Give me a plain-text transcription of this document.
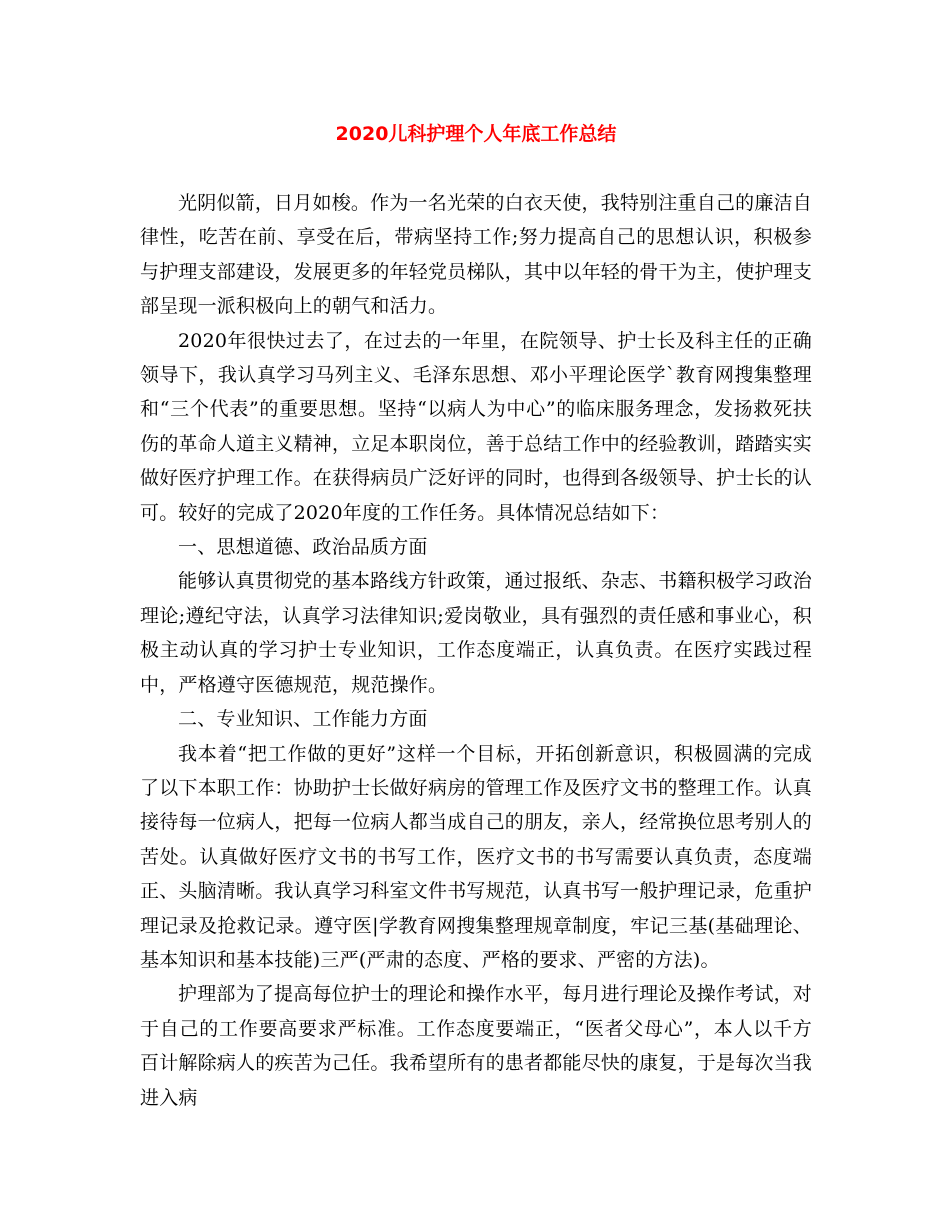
2020儿科护理个人年底工作总结

光阴似箭，日月如梭。作为一名光荣的白衣天使，我特别注重自己的廉洁自律性，吃苦在前、享受在后，带病坚持工作;努力提高自己的思想认识，积极参与护理支部建设，发展更多的年轻党员梯队，其中以年轻的骨干为主，使护理支部呈现一派积极向上的朝气和活力。

2020年很快过去了，在过去的一年里，在院领导、护士长及科主任的正确领导下，我认真学习马列主义、毛泽东思想、邓小平理论医学`教育网搜集整理和“三个代表”的重要思想。坚持“以病人为中心”的临床服务理念，发扬救死扶伤的革命人道主义精神，立足本职岗位，善于总结工作中的经验教训，踏踏实实做好医疗护理工作。在获得病员广泛好评的同时，也得到各级领导、护士长的认可。较好的完成了2020年度的工作任务。具体情况总结如下：

一、思想道德、政治品质方面

能够认真贯彻党的基本路线方针政策，通过报纸、杂志、书籍积极学习政治理论;遵纪守法，认真学习法律知识;爱岗敬业，具有强烈的责任感和事业心，积极主动认真的学习护士专业知识，工作态度端正，认真负责。在医疗实践过程中，严格遵守医德规范，规范操作。

二、专业知识、工作能力方面

我本着“把工作做的更好”这样一个目标，开拓创新意识，积极圆满的完成了以下本职工作：协助护士长做好病房的管理工作及医疗文书的整理工作。认真接待每一位病人，把每一位病人都当成自己的朋友，亲人，经常换位思考别人的苦处。认真做好医疗文书的书写工作，医疗文书的书写需要认真负责，态度端正、头脑清晰。我认真学习科室文件书写规范，认真书写一般护理记录，危重护理记录及抢救记录。遵守医|学教育网搜集整理规章制度，牢记三基(基础理论、基本知识和基本技能)三严(严肃的态度、严格的要求、严密的方法)。

护理部为了提高每位护士的理论和操作水平，每月进行理论及操作考试，对于自己的工作要高要求严标准。工作态度要端正，“医者父母心”，本人以千方百计解除病人的疾苦为己任。我希望所有的患者都能尽快的康复，于是每次当我进入病
